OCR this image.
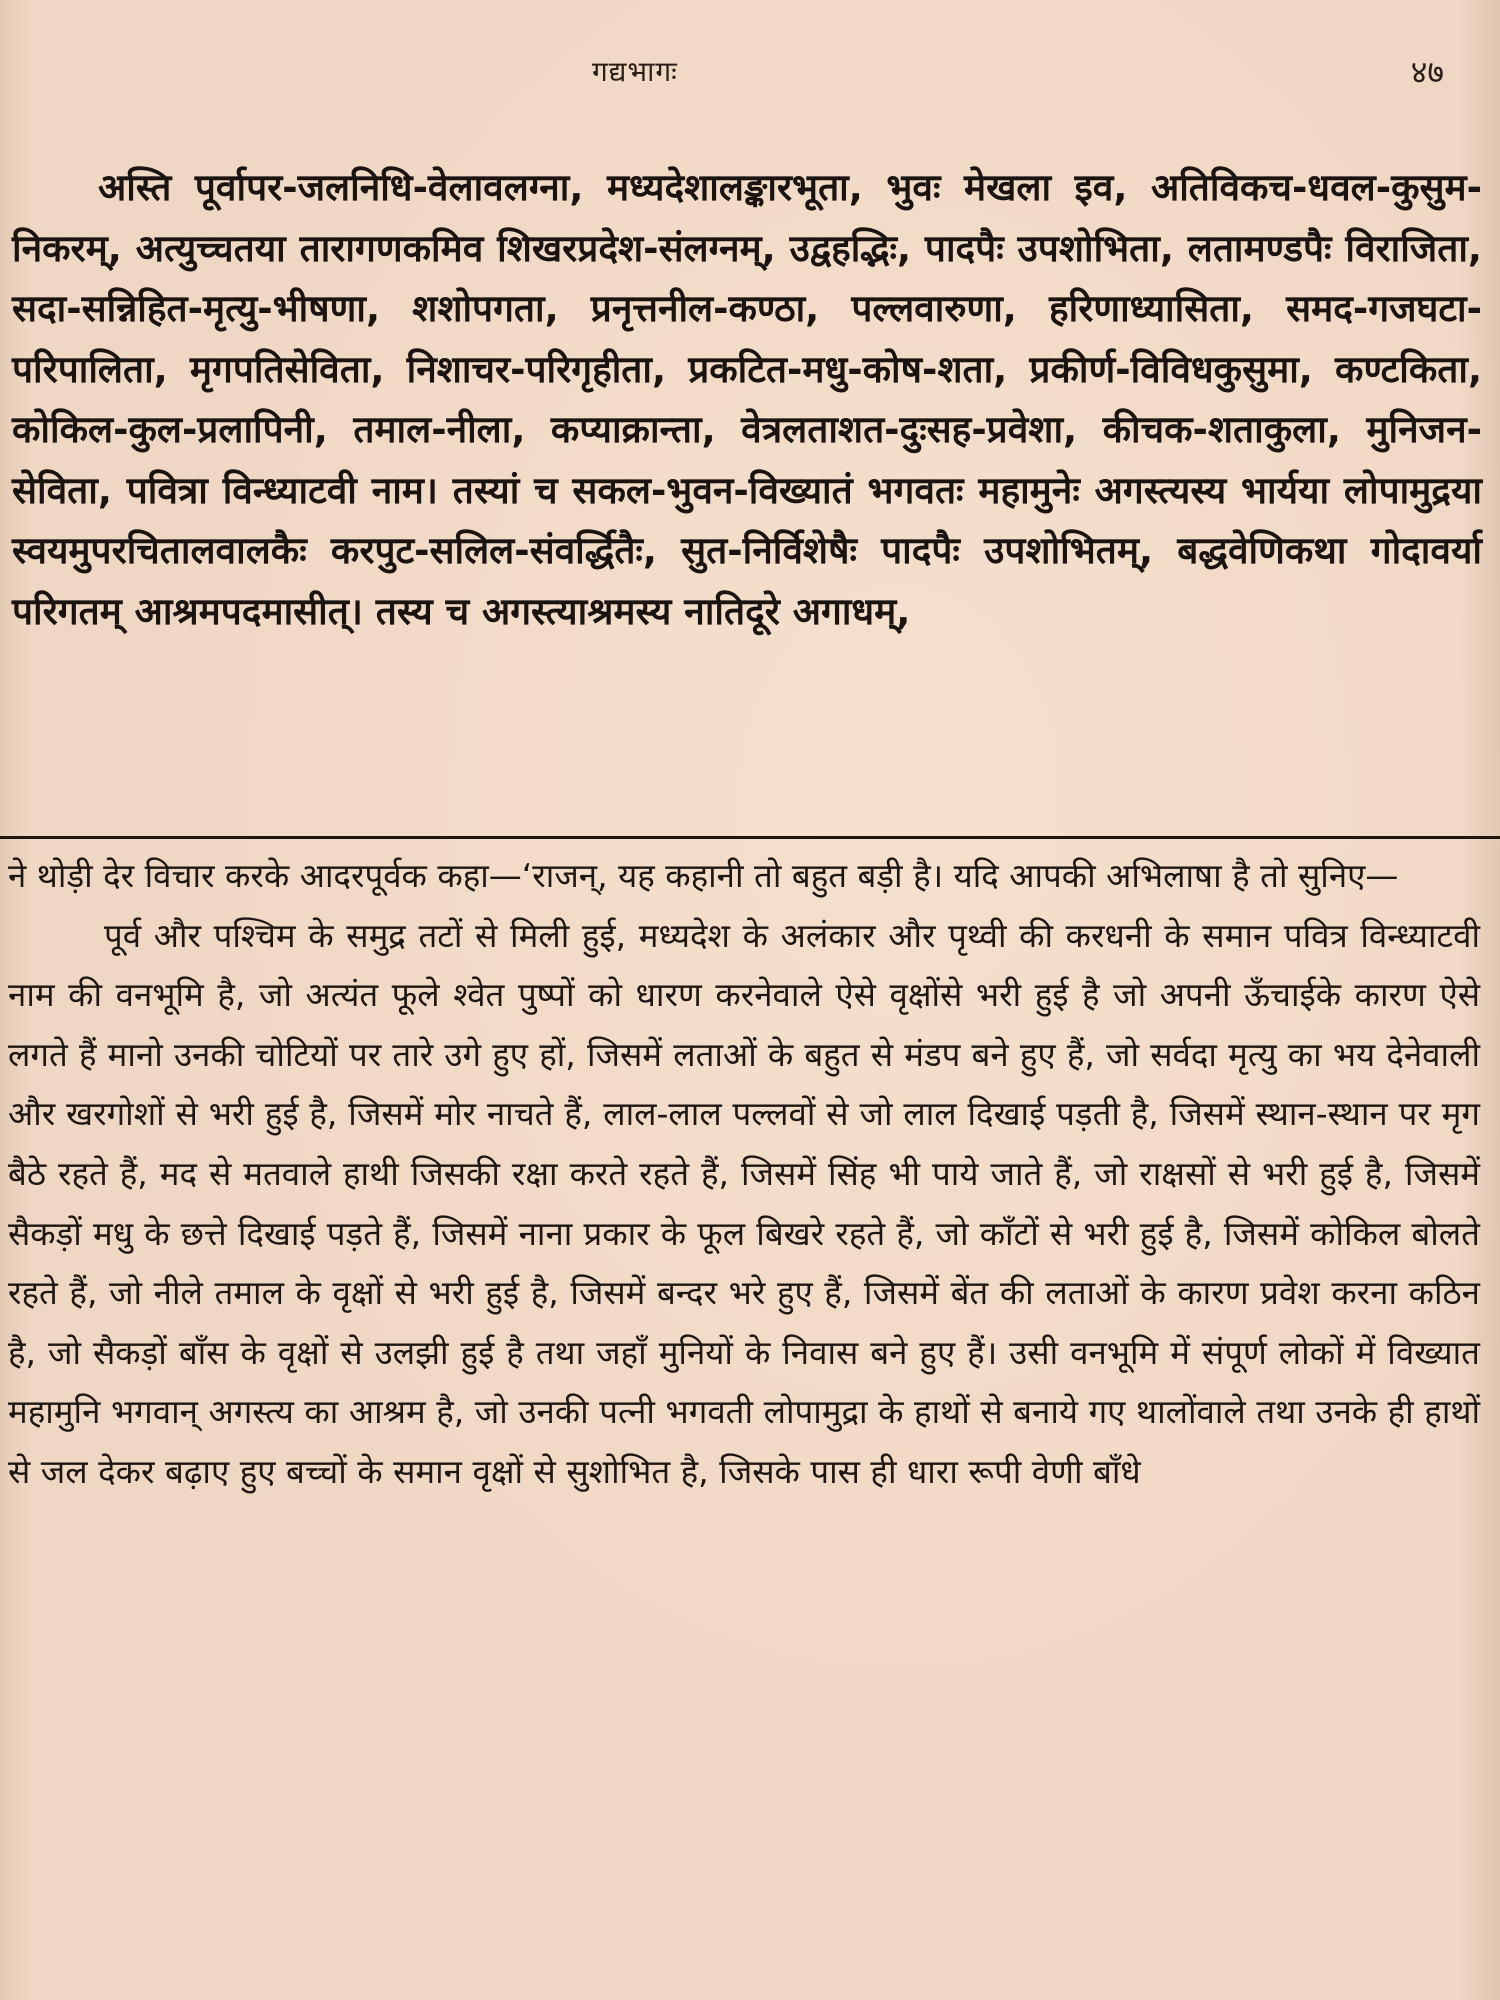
गद्यभागः	४७
अस्ति पूर्वापर-जलनिधि-वेलावलग्ना, मध्यदेशालङ्कारभूता, भुवः मेखला इव, अतिविकच-धवल-कुसुम-निकरम्, अत्युच्चतया तारागणकमिव शिखरप्रदेश-संलग्नम्, उद्वहद्भिः, पादपैः उपशोभिता, लतामण्डपैः विराजिता, सदा-सन्निहित-मृत्यु-भीषणा, शशोपगता, प्रनृत्तनील-कण्ठा, पल्लवारुणा, हरिणाध्यासिता, समद-गजघटा-परिपालिता, मृगपतिसेविता, निशाचर-परिगृहीता, प्रकटित-मधु-कोष-शता, प्रकीर्ण-विविधकुसुमा, कण्टकिता, कोकिल-कुल-प्रलापिनी, तमाल-नीला, कप्याक्रान्ता, वेत्रलताशत-दुःसह-प्रवेशा, कीचक-शताकुला, मुनिजन-सेविता, पवित्रा विन्ध्याटवी नाम। तस्यां च सकल-भुवन-विख्यातं भगवतः महामुनेः अगस्त्यस्य भार्यया लोपामुद्रया स्वयमुपरचितालवालकैः करपुट-सलिल-संवर्द्धितैः, सुत-निर्विशेषैः पादपैः उपशोभितम्, बद्धवेणिकथा गोदावर्या परिगतम् आश्रमपदमासीत्। तस्य च अगस्त्याश्रमस्य नातिदूरे अगाधम्,

ने थोड़ी देर विचार करके आदरपूर्वक कहा—‘राजन्, यह कहानी तो बहुत बड़ी है। यदि आपकी अभिलाषा है तो सुनिए—

पूर्व और पश्चिम के समुद्र तटों से मिली हुई, मध्यदेश के अलंकार और पृथ्वी की करधनी के समान पवित्र विन्ध्याटवी नाम की वनभूमि है, जो अत्यंत फूले श्वेत पुष्पों को धारण करनेवाले ऐसे वृक्षोंसे भरी हुई है जो अपनी ऊँचाईके कारण ऐसे लगते हैं मानो उनकी चोटियों पर तारे उगे हुए हों, जिसमें लताओं के बहुत से मंडप बने हुए हैं, जो सर्वदा मृत्यु का भय देनेवाली और खरगोशों से भरी हुई है, जिसमें मोर नाचते हैं, लाल-लाल पल्लवों से जो लाल दिखाई पड़ती है, जिसमें स्थान-स्थान पर मृग बैठे रहते हैं, मद से मतवाले हाथी जिसकी रक्षा करते रहते हैं, जिसमें सिंह भी पाये जाते हैं, जो राक्षसों से भरी हुई है, जिसमें सैकड़ों मधु के छत्ते दिखाई पड़ते हैं, जिसमें नाना प्रकार के फूल बिखरे रहते हैं, जो काँटों से भरी हुई है, जिसमें कोकिल बोलते रहते हैं, जो नीले तमाल के वृक्षों से भरी हुई है, जिसमें बन्दर भरे हुए हैं, जिसमें बेंत की लताओं के कारण प्रवेश करना कठिन है, जो सैकड़ों बाँस के वृक्षों से उलझी हुई है तथा जहाँ मुनियों के निवास बने हुए हैं। उसी वनभूमि में संपूर्ण लोकों में विख्यात महामुनि भगवान् अगस्त्य का आश्रम है, जो उनकी पत्नी भगवती लोपामुद्रा के हाथों से बनाये गए थालोंवाले तथा उनके ही हाथों से जल देकर बढ़ाए हुए बच्चों के समान वृक्षों से सुशोभित है, जिसके पास ही धारा रूपी वेणी बाँधे
